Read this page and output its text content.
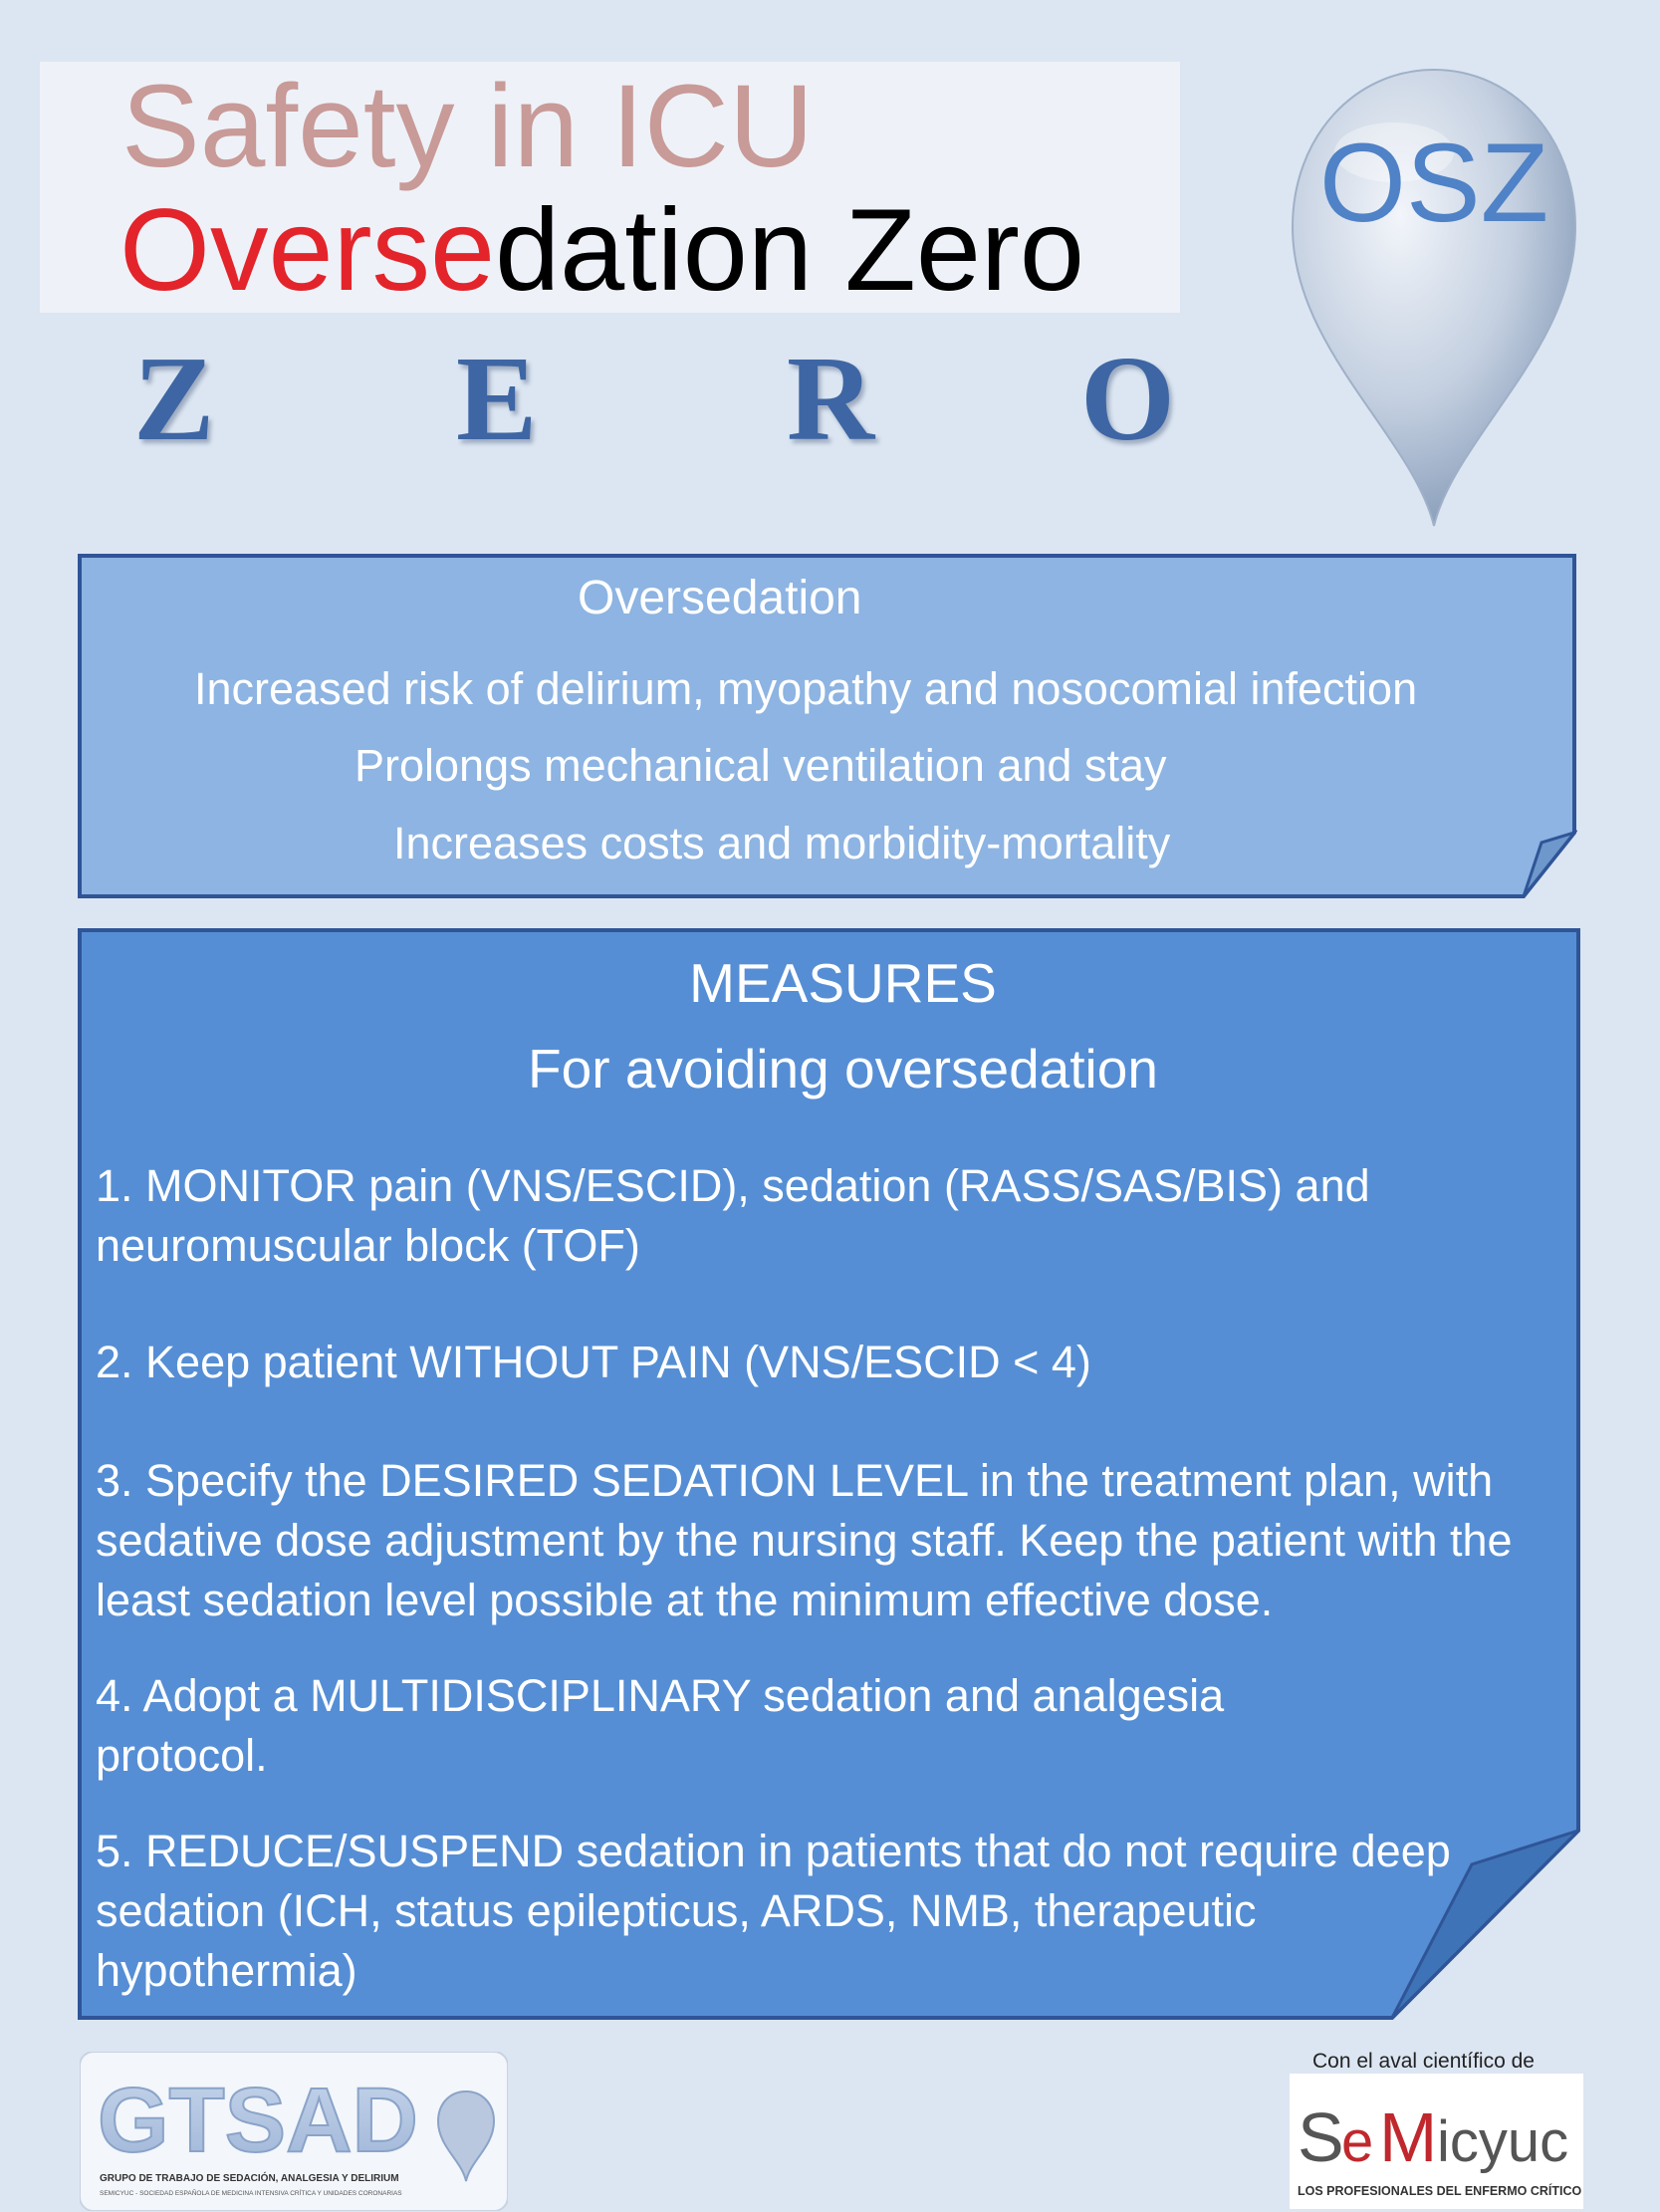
Safety in ICU
Oversedation Zero
Z E R O
OSZ
Oversedation
Increased risk of delirium, myopathy and nosocomial infection
Prolongs mechanical ventilation and stay
Increases costs and morbidity-mortality
MEASURES
For avoiding oversedation
1. MONITOR pain (VNS/ESCID), sedation (RASS/SAS/BIS) and neuromuscular block (TOF)
2. Keep patient WITHOUT PAIN (VNS/ESCID < 4)
3. Specify the DESIRED SEDATION LEVEL in the treatment plan, with sedative dose adjustment by the nursing staff. Keep the patient with the least sedation level possible at the minimum effective dose.
4. Adopt a MULTIDISCIPLINARY sedation and analgesia protocol.
5. REDUCE/SUSPEND sedation in patients that do not require deep sedation (ICH, status epilepticus, ARDS, NMB, therapeutic hypothermia)
GTSAD
GRUPO DE TRABAJO DE SEDACIÓN, ANALGESIA Y DELIRIUM
SEMICYUC - SOCIEDAD ESPAÑOLA DE MEDICINA INTENSIVA CRÍTICA Y UNIDADES CORONARIAS
Con el aval científico de
S
e M icyuc
LOS PROFESIONALES DEL ENFERMO CRÍTICO
